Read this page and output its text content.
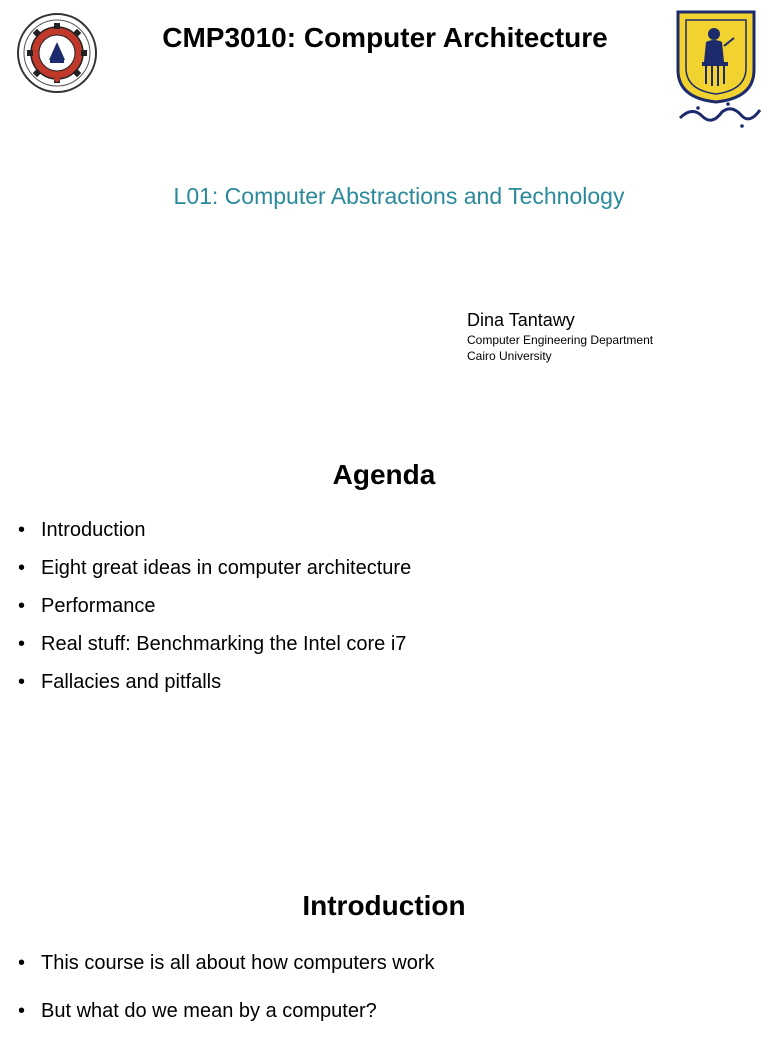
CMP3010: Computer Architecture
L01: Computer Abstractions and Technology
Dina Tantawy
Computer Engineering Department
Cairo University
Agenda
• Introduction
• Eight great ideas in computer architecture
• Performance
• Real stuff: Benchmarking the Intel core i7
• Fallacies and pitfalls
Introduction
• This course is all about how computers work
• But what do we mean by a computer?
